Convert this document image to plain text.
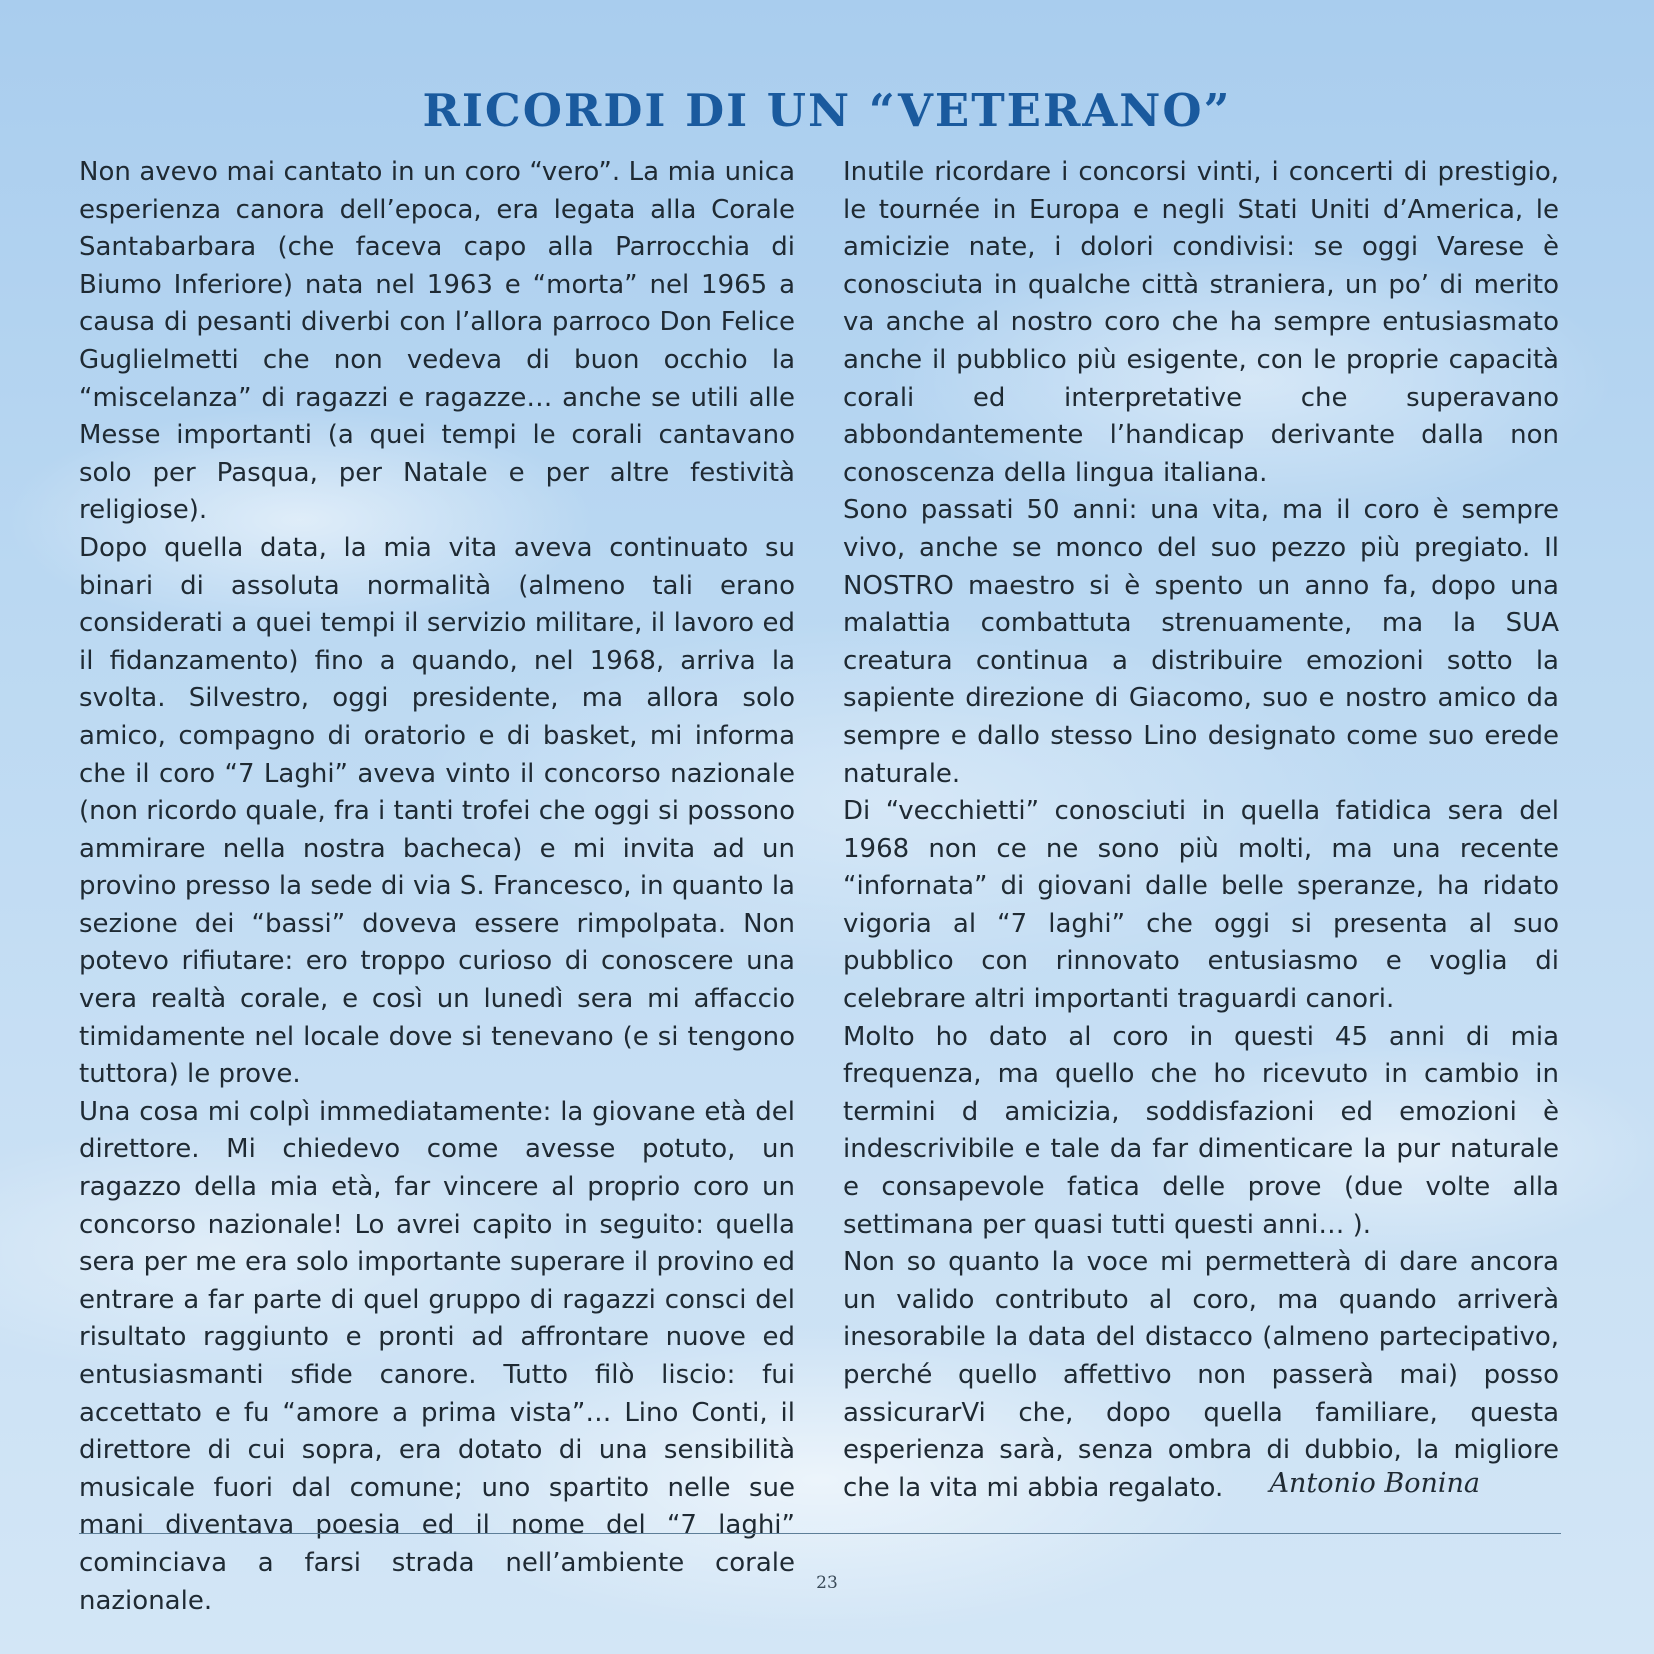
RICORDI DI UN “VETERANO”

Non avevo mai cantato in un coro “vero”. La mia unica esperienza canora dell’epoca, era legata alla Corale Santabarbara (che faceva capo alla Parrocchia di Biumo Inferiore) nata nel 1963 e “morta” nel 1965 a causa di pesanti diverbi con l’allora parroco Don Felice Guglielmetti che non vedeva di buon occhio la “miscelanza” di ragazzi e ragazze… anche se utili alle Messe importanti (a quei tempi le corali cantavano solo per Pasqua, per Natale e per altre festività religiose).

Dopo quella data, la mia vita aveva continuato su binari di assoluta normalità (almeno tali erano considerati a quei tempi il servizio militare, il lavoro ed il fidanzamento) fino a quando, nel 1968, arriva la svolta. Silvestro, oggi presidente, ma allora solo amico, compagno di oratorio e di basket, mi informa che il coro “7 Laghi” aveva vinto il concorso nazionale (non ricordo quale, fra i tanti trofei che oggi si possono ammirare nella nostra bacheca) e mi invita ad un provino presso la sede di via S. Francesco, in quanto la sezione dei “bassi” doveva essere rimpolpata. Non potevo rifiutare: ero troppo curioso di conoscere una vera realtà corale, e così un lunedì sera mi affaccio timidamente nel locale dove si tenevano (e si tengono tuttora) le prove.

Una cosa mi colpì immediatamente: la giovane età del direttore. Mi chiedevo come avesse potuto, un ragazzo della mia età, far vincere al proprio coro un concorso nazionale! Lo avrei capito in seguito: quella sera per me era solo importante superare il provino ed entrare a far parte di quel gruppo di ragazzi consci del risultato raggiunto e pronti ad affrontare nuove ed entusiasmanti sfide canore. Tutto filò liscio: fui accettato e fu “amore a prima vista”… Lino Conti, il direttore di cui sopra, era dotato di una sensibilità musicale fuori dal comune; uno spartito nelle sue mani diventava poesia ed il nome del “7 laghi” cominciava a farsi strada nell’ambiente corale nazionale.

Inutile ricordare i concorsi vinti, i concerti di prestigio, le tournée in Europa e negli Stati Uniti d’America, le amicizie nate, i dolori condivisi: se oggi Varese è conosciuta in qualche città straniera, un po’ di merito va anche al nostro coro che ha sempre entusiasmato anche il pubblico più esigente, con le proprie capacità corali ed interpretative che superavano abbondantemente l’handicap derivante dalla non conoscenza della lingua italiana.

Sono passati 50 anni: una vita, ma il coro è sempre vivo, anche se monco del suo pezzo più pregiato. Il NOSTRO maestro si è spento un anno fa, dopo una malattia combattuta strenuamente, ma la SUA creatura continua a distribuire emozioni sotto la sapiente direzione di Giacomo, suo e nostro amico da sempre e dallo stesso Lino designato come suo erede naturale.

Di “vecchietti” conosciuti in quella fatidica sera del 1968 non ce ne sono più molti, ma una recente “infornata” di giovani dalle belle speranze, ha ridato vigoria al “7 laghi” che oggi si presenta al suo pubblico con rinnovato entusiasmo e voglia di celebrare altri importanti traguardi canori.

Molto ho dato al coro in questi 45 anni di mia frequenza, ma quello che ho ricevuto in cambio in termini d amicizia, soddisfazioni ed emozioni è indescrivibile e tale da far dimenticare la pur naturale e consapevole fatica delle prove (due volte alla settimana per quasi tutti questi anni… ).

Non so quanto la voce mi permetterà di dare ancora un valido contributo al coro, ma quando arriverà inesorabile la data del distacco (almeno partecipativo, perché quello affettivo non passerà mai) posso assicurarVi che, dopo quella familiare, questa esperienza sarà, senza ombra di dubbio, la migliore che la vita mi abbia regalato.	Antonio Bonina
23
